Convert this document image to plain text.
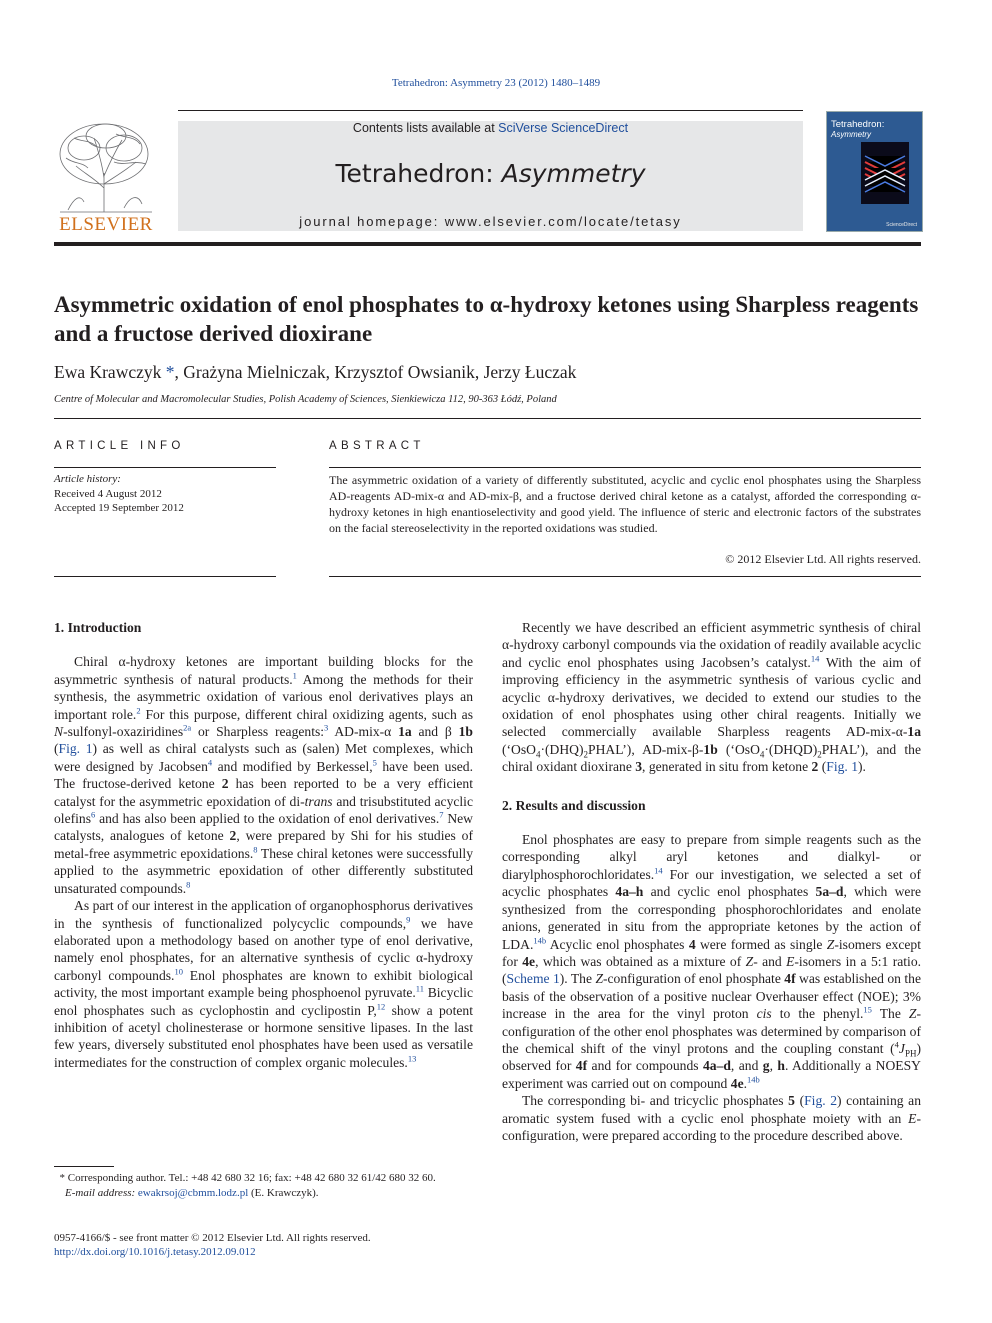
Tetrahedron: Asymmetry 23 (2012) 1480–1489
ELSEVIER
Contents lists available at SciVerse ScienceDirect
Tetrahedron: Asymmetry
journal homepage: www.elsevier.com/locate/tetasy
Tetrahedron:
Asymmetry
ScienceDirect
Asymmetric oxidation of enol phosphates to α-hydroxy ketones using Sharpless reagents and a fructose derived dioxirane
Ewa Krawczyk *, Grażyna Mielniczak, Krzysztof Owsianik, Jerzy Łuczak
Centre of Molecular and Macromolecular Studies, Polish Academy of Sciences, Sienkiewicza 112, 90-363 Łódź, Poland
ARTICLE INFO	ABSTRACT
Article history:
Received 4 August 2012
Accepted 19 September 2012
The asymmetric oxidation of a variety of differently substituted, acyclic and cyclic enol phosphates using the Sharpless AD-reagents AD-mix-α and AD-mix-β, and a fructose derived chiral ketone as a catalyst, afforded the corresponding α-hydroxy ketones in high enantioselectivity and good yield. The influence of steric and electronic factors of the substrates on the facial stereoselectivity in the reported oxidations was studied.
© 2012 Elsevier Ltd. All rights reserved.
1. Introduction

Chiral α-hydroxy ketones are important building blocks for the asymmetric synthesis of natural products.$^1$ Among the methods for their synthesis, the asymmetric oxidation of various enol derivatives plays an important role.$^2$ For this purpose, different chiral oxidizing agents, such as N-sulfonyl-oxaziridines$^{2a}$ or Sharpless reagents:$^3$ AD-mix-α 1a and β 1b (Fig. 1) as well as chiral catalysts such as (salen) Met complexes, which were designed by Jacobsen$^4$ and modified by Berkessel,$^5$ have been used. The fructose-derived ketone 2 has been reported to be a very efficient catalyst for the asymmetric epoxidation of di-trans and trisubstituted acyclic olefins$^6$ and has also been applied to the oxidation of enol derivatives.$^7$ New catalysts, analogues of ketone 2, were prepared by Shi for his studies of metal-free asymmetric epoxidations.$^8$ These chiral ketones were successfully applied to the asymmetric epoxidation of other differently substituted unsaturated compounds.$^8$

As part of our interest in the application of organophosphorus derivatives in the synthesis of functionalized polycyclic compounds,$^9$ we have elaborated upon a methodology based on another type of enol derivative, namely enol phosphates, for an alternative synthesis of cyclic α-hydroxy carbonyl compounds.$^{10}$ Enol phosphates are known to exhibit biological activity, the most important example being phosphoenol pyruvate.$^{11}$ Bicyclic enol phosphates such as cyclophostin and cyclipostin P,$^{12}$ show a potent inhibition of acetyl cholinesterase or hormone sensitive lipases. In the last few years, diversely substituted enol phosphates have been used as versatile intermediates for the construction of complex organic molecules.$^{13}$

Recently we have described an efficient asymmetric synthesis of chiral α-hydroxy carbonyl compounds via the oxidation of readily available acyclic and cyclic enol phosphates using Jacobsen’s catalyst.$^{14}$ With the aim of improving efficiency in the asymmetric synthesis of various cyclic and acyclic α-hydroxy derivatives, we decided to extend our studies to the oxidation of enol phosphates using other chiral reagents. Initially we selected commercially available Sharpless reagents AD-mix-α-1a $(‘OsO_4\cdot(DHQ)_2PHAL’)$, AD-mix-β-1b $(‘OsO_4\cdot(DHQD)_2PHAL’)$, and the chiral oxidant dioxirane 3, generated in situ from ketone 2 (Fig. 1).

2. Results and discussion

Enol phosphates are easy to prepare from simple reagents such as the corresponding alkyl aryl ketones and dialkyl- or diarylphosphorochloridates.$^{14}$ For our investigation, we selected a set of acyclic phosphates 4a–h and cyclic enol phosphates 5a–d, which were synthesized from the corresponding phosphorochloridates and enolate anions, generated in situ from the appropriate ketones by the action of LDA.$^{14b}$ Acyclic enol phosphates 4 were formed as single Z-isomers except for 4e, which was obtained as a mixture of Z- and E-isomers in a 5:1 ratio. (Scheme 1). The Z-configuration of enol phosphate 4f was established on the basis of the observation of a positive nuclear Overhauser effect (NOE); 3% increase in the area for the vinyl proton cis to the phenyl.$^{15}$ The Z-configuration of the other enol phosphates was determined by comparison of the chemical shift of the vinyl protons and the coupling constant $(^4J_{PH})$ observed for 4f and for compounds 4a–d, and g, h. Additionally a NOESY experiment was carried out on compound 4e.$^{14b}$

The corresponding bi- and tricyclic phosphates 5 (Fig. 2) containing an aromatic system fused with a cyclic enol phosphate moiety with an E-configuration, were prepared according to the procedure described above.

* Corresponding author. Tel.: +48 42 680 32 16; fax: +48 42 680 32 61/42 680 32 60.
E-mail address: ewakrsoj@cbmm.lodz.pl (E. Krawczyk).
0957-4166/$ - see front matter © 2012 Elsevier Ltd. All rights reserved.
http://dx.doi.org/10.1016/j.tetasy.2012.09.012
